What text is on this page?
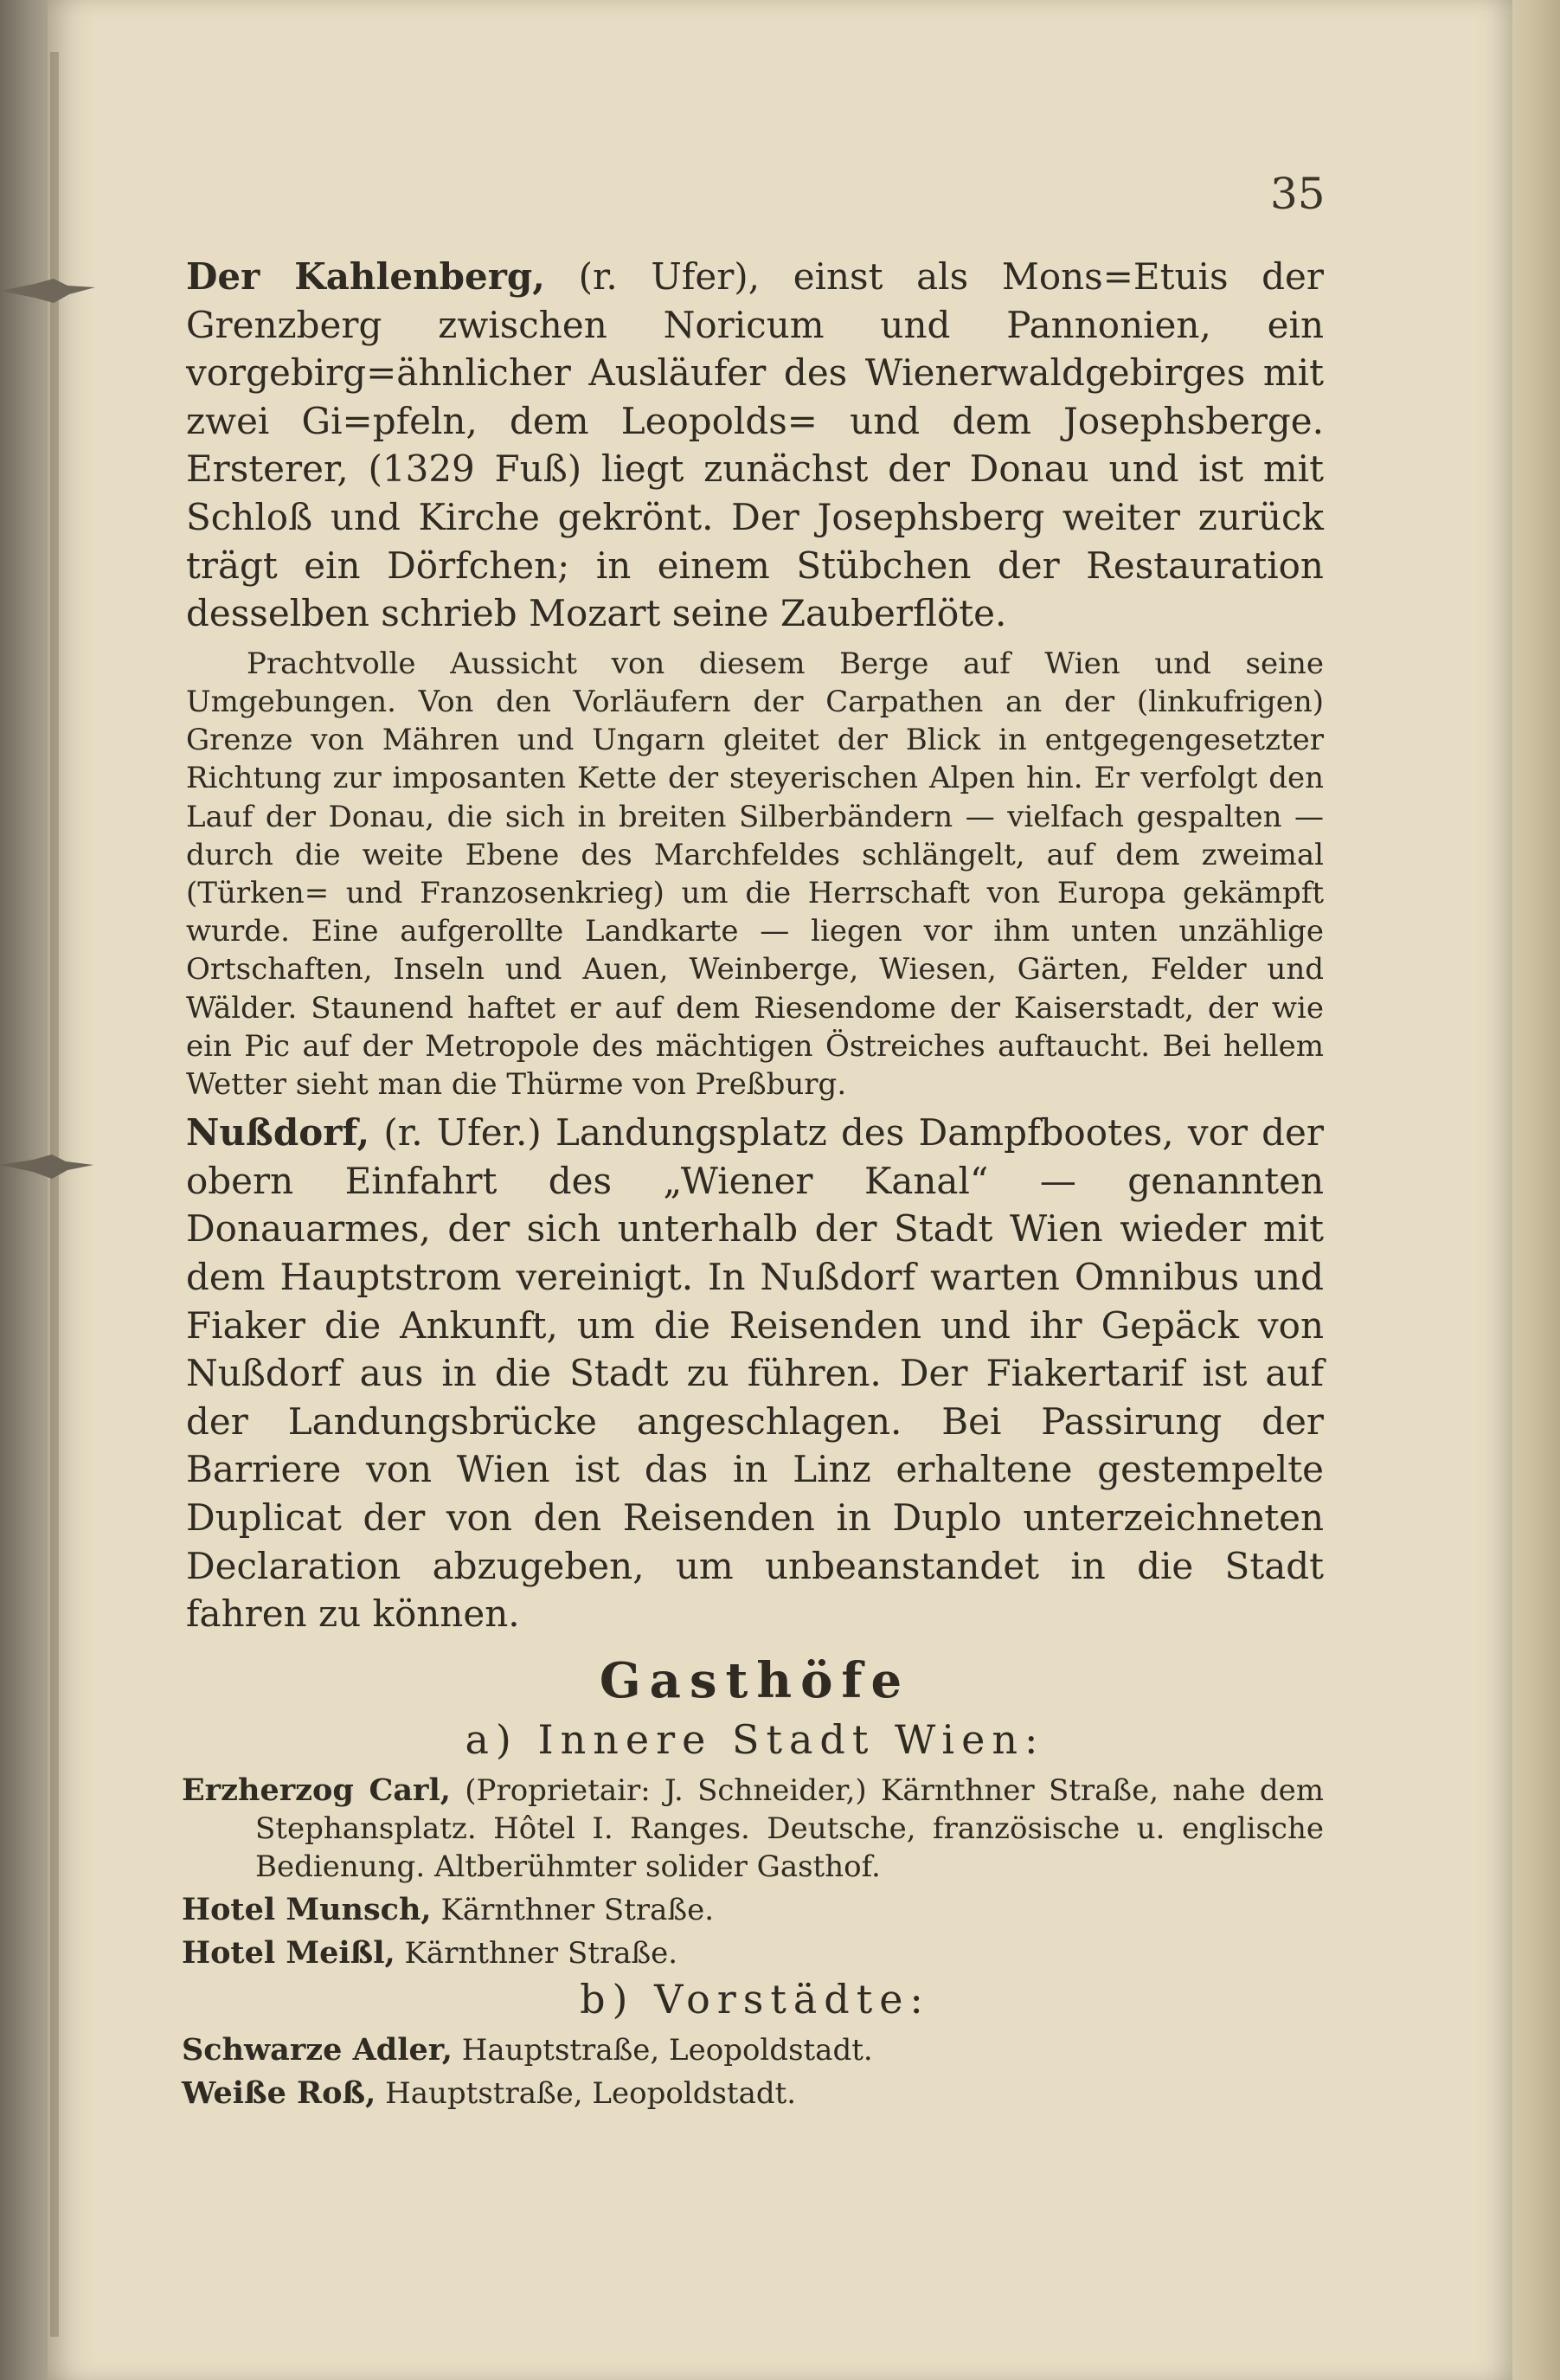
35

Der Kahlenberg, (r. Ufer), einst als Mons=Etuis der Grenzberg zwischen Noricum und Pannonien, ein vorgebirg=ähnlicher Ausläufer des Wienerwaldgebirges mit zwei Gi=pfeln, dem Leopolds= und dem Josephsberge. Ersterer, (1329 Fuß) liegt zunächst der Donau und ist mit Schloß und Kirche gekrönt. Der Josephsberg weiter zurück trägt ein Dörfchen; in einem Stübchen der Restauration desselben schrieb Mozart seine Zauberflöte.

Prachtvolle Aussicht von diesem Berge auf Wien und seine Umgebungen. Von den Vorläufern der Carpathen an der (linkufrigen) Grenze von Mähren und Ungarn gleitet der Blick in entgegengesetzter Richtung zur imposanten Kette der steyerischen Alpen hin. Er verfolgt den Lauf der Donau, die sich in breiten Silberbändern — vielfach gespalten — durch die weite Ebene des Marchfeldes schlängelt, auf dem zweimal (Türken= und Franzosenkrieg) um die Herrschaft von Europa gekämpft wurde. Eine aufgerollte Landkarte — liegen vor ihm unten unzählige Ortschaften, Inseln und Auen, Weinberge, Wiesen, Gärten, Felder und Wälder. Staunend haftet er auf dem Riesendome der Kaiserstadt, der wie ein Pic auf der Metropole des mächtigen Östreiches auftaucht. Bei hellem Wetter sieht man die Thürme von Preßburg.

Nußdorf, (r. Ufer.) Landungsplatz des Dampfbootes, vor der obern Einfahrt des „Wiener Kanal“ — genannten Donauarmes, der sich unterhalb der Stadt Wien wieder mit dem Hauptstrom vereinigt. In Nußdorf warten Omnibus und Fiaker die Ankunft, um die Reisenden und ihr Gepäck von Nußdorf aus in die Stadt zu führen. Der Fiakertarif ist auf der Landungsbrücke angeschlagen. Bei Passirung der Barriere von Wien ist das in Linz erhaltene gestempelte Duplicat der von den Reisenden in Duplo unterzeichneten Declaration abzugeben, um unbeanstandet in die Stadt fahren zu können.

Gasthöfe
a) Innere Stadt Wien:
Erzherzog Carl, (Proprietair: J. Schneider,) Kärnthner Straße, nahe dem Stephansplatz. Hôtel I. Ranges. Deutsche, französische u. englische Bedienung. Altberühmter solider Gasthof.
Hotel Munsch, Kärnthner Straße.
Hotel Meißl, Kärnthner Straße.
b) Vorstädte:
Schwarze Adler, Hauptstraße, Leopoldstadt.
Weiße Roß, Hauptstraße, Leopoldstadt.
